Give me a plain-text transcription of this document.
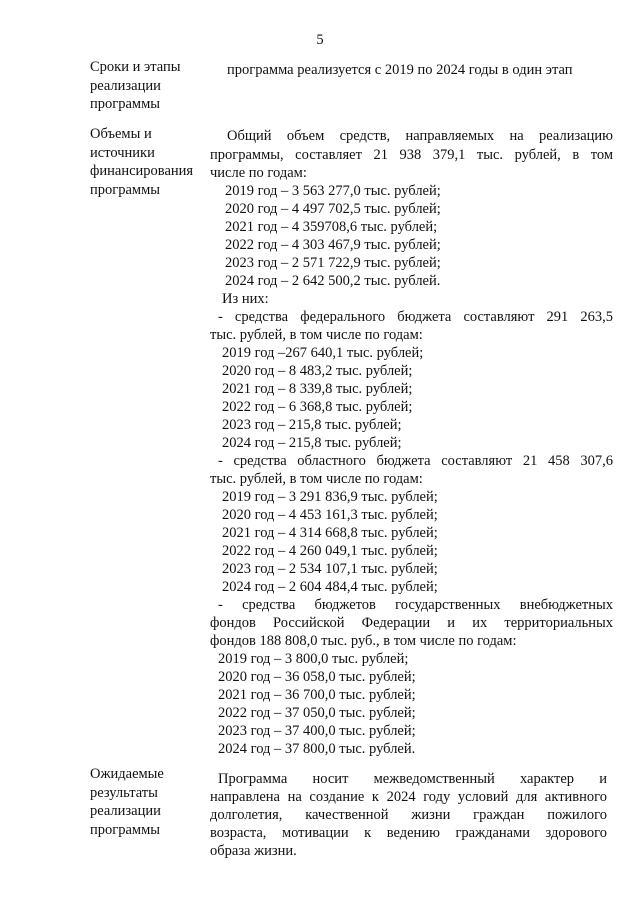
5
Сроки и этапы
реализации
программы
программа реализуется с 2019 по 2024 годы в один этап
Объемы и
источники
финансирования
программы
Общий объем средств, направляемых на реализацию
программы, составляет 21 938 379,1 тыс. рублей, в том
числе по годам:
2019 год – 3 563 277,0 тыс. рублей;
2020 год – 4 497 702,5 тыс. рублей;
2021 год – 4 359708,6 тыс. рублей;
2022 год – 4 303 467,9 тыс. рублей;
2023 год – 2 571 722,9 тыс. рублей;
2024 год – 2 642 500,2 тыс. рублей.
Из них:
- средства федерального бюджета составляют 291 263,5
тыс. рублей, в том числе по годам:
2019 год –267 640,1 тыс. рублей;
2020 год – 8 483,2 тыс. рублей;
2021 год – 8 339,8 тыс. рублей;
2022 год – 6 368,8 тыс. рублей;
2023 год – 215,8 тыс. рублей;
2024 год – 215,8 тыс. рублей;
- средства областного бюджета составляют 21 458 307,6
тыс. рублей, в том числе по годам:
2019 год – 3 291 836,9 тыс. рублей;
2020 год – 4 453 161,3 тыс. рублей;
2021 год – 4 314 668,8 тыс. рублей;
2022 год – 4 260 049,1 тыс. рублей;
2023 год – 2 534 107,1 тыс. рублей;
2024 год – 2 604 484,4 тыс. рублей;
- средства бюджетов государственных внебюджетных
фондов Российской Федерации и их территориальных
фондов 188 808,0 тыс. руб., в том числе по годам:
2019 год – 3 800,0 тыс. рублей;
2020 год – 36 058,0 тыс. рублей;
2021 год – 36 700,0 тыс. рублей;
2022 год – 37 050,0 тыс. рублей;
2023 год – 37 400,0 тыс. рублей;
2024 год – 37 800,0 тыс. рублей.
Ожидаемые
результаты
реализации
программы
Программа носит межведомственный характер и
направлена на создание к 2024 году условий для активного
долголетия, качественной жизни граждан пожилого
возраста, мотивации к ведению гражданами здорового
образа жизни.
